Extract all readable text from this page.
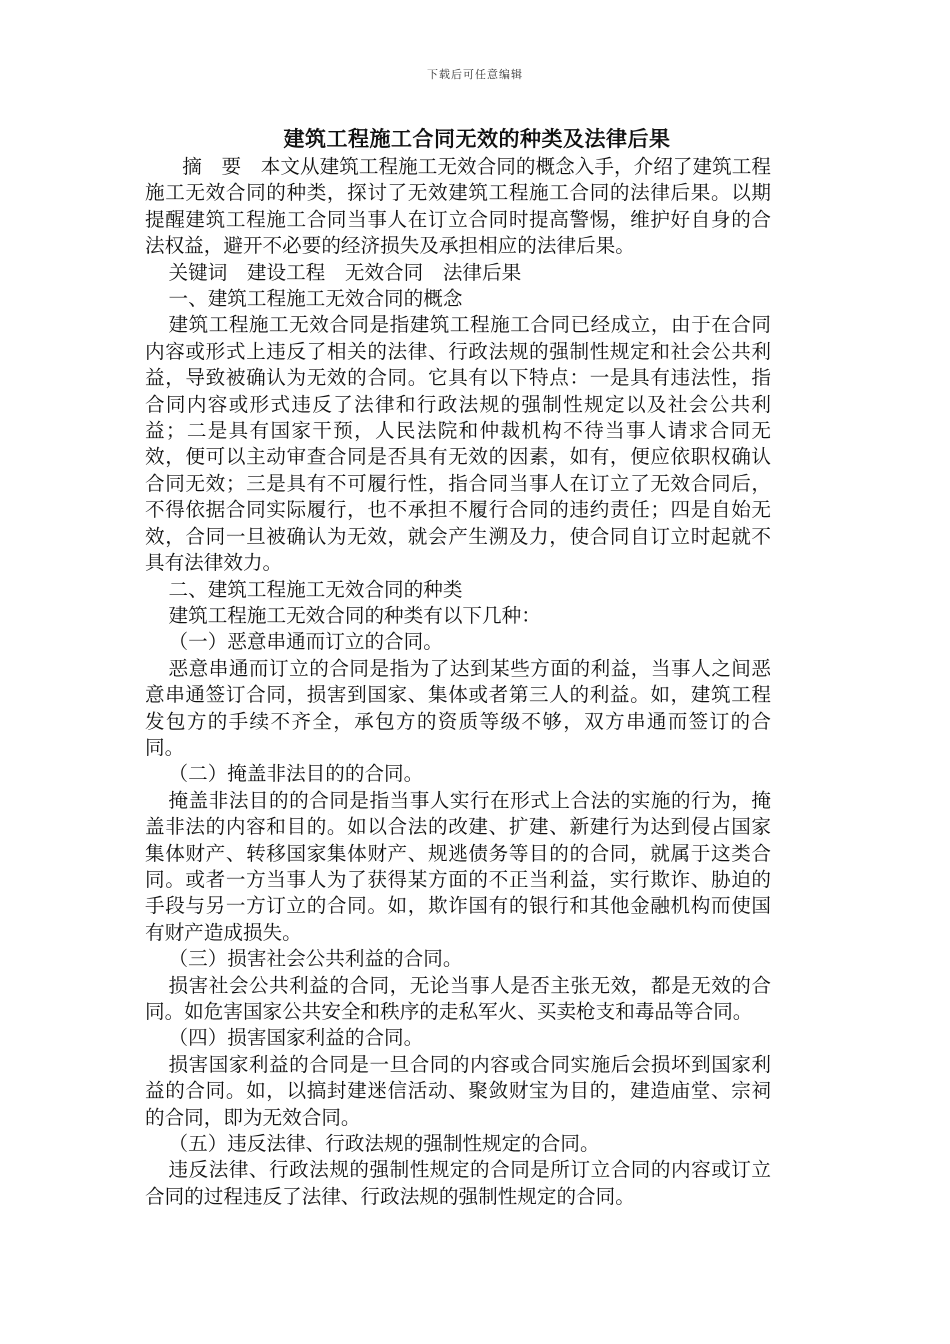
下载后可任意编辑
建筑工程施工合同无效的种类及法律后果

摘　要　本文从建筑工程施工无效合同的概念入手，介绍了建筑工程施工无效合同的种类，探讨了无效建筑工程施工合同的法律后果。以期提醒建筑工程施工合同当事人在订立合同时提高警惕，维护好自身的合法权益，避开不必要的经济损失及承担相应的法律后果。

关键词　建设工程　无效合同　法律后果

一、建筑工程施工无效合同的概念

建筑工程施工无效合同是指建筑工程施工合同已经成立，由于在合同内容或形式上违反了相关的法律、行政法规的强制性规定和社会公共利益，导致被确认为无效的合同。它具有以下特点：一是具有违法性，指合同内容或形式违反了法律和行政法规的强制性规定以及社会公共利益；二是具有国家干预，人民法院和仲裁机构不待当事人请求合同无效，便可以主动审查合同是否具有无效的因素，如有，便应依职权确认合同无效；三是具有不可履行性，指合同当事人在订立了无效合同后，不得依据合同实际履行，也不承担不履行合同的违约责任；四是自始无效，合同一旦被确认为无效，就会产生溯及力，使合同自订立时起就不具有法律效力。

二、建筑工程施工无效合同的种类

建筑工程施工无效合同的种类有以下几种：

（一）恶意串通而订立的合同。

恶意串通而订立的合同是指为了达到某些方面的利益，当事人之间恶意串通签订合同，损害到国家、集体或者第三人的利益。如，建筑工程发包方的手续不齐全，承包方的资质等级不够，双方串通而签订的合同。

（二）掩盖非法目的的合同。

掩盖非法目的的合同是指当事人实行在形式上合法的实施的行为，掩盖非法的内容和目的。如以合法的改建、扩建、新建行为达到侵占国家集体财产、转移国家集体财产、规逃债务等目的的合同，就属于这类合同。或者一方当事人为了获得某方面的不正当利益，实行欺诈、胁迫的手段与另一方订立的合同。如，欺诈国有的银行和其他金融机构而使国有财产造成损失。

（三）损害社会公共利益的合同。

损害社会公共利益的合同，无论当事人是否主张无效，都是无效的合同。如危害国家公共安全和秩序的走私军火、买卖枪支和毒品等合同。

（四）损害国家利益的合同。

损害国家利益的合同是一旦合同的内容或合同实施后会损坏到国家利益的合同。如，以搞封建迷信活动、聚敛财宝为目的，建造庙堂、宗祠的合同，即为无效合同。

（五）违反法律、行政法规的强制性规定的合同。

违反法律、行政法规的强制性规定的合同是所订立合同的内容或订立合同的过程违反了法律、行政法规的强制性规定的合同。
